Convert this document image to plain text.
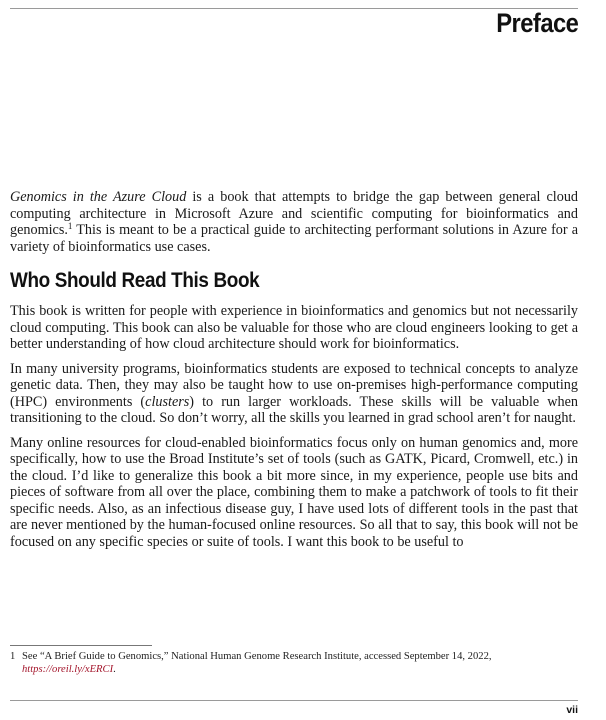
Preface

Genomics in the Azure Cloud is a book that attempts to bridge the gap between general cloud computing architecture in Microsoft Azure and scientific computing for bioinformatics and genomics.$^1$ This is meant to be a practical guide to architecting performant solutions in Azure for a variety of bioinformatics use cases.

Who Should Read This Book

This book is written for people with experience in bioinformatics and genomics but not necessarily cloud computing. This book can also be valuable for those who are cloud engineers looking to get a better understanding of how cloud architecture should work for bioinformatics.

In many university programs, bioinformatics students are exposed to technical concepts to analyze genetic data. Then, they may also be taught how to use on-premises high-performance computing (HPC) environments (clusters) to run larger workloads. These skills will be valuable when transitioning to the cloud. So don’t worry, all the skills you learned in grad school aren’t for naught.

Many online resources for cloud-enabled bioinformatics focus only on human genomics and, more specifically, how to use the Broad Institute’s set of tools (such as GATK, Picard, Cromwell, etc.) in the cloud. I’d like to generalize this book a bit more since, in my experience, people use bits and pieces of software from all over the place, combining them to make a patchwork of tools to fit their specific needs. Also, as an infectious disease guy, I have used lots of different tools in the past that are never mentioned by the human-focused online resources. So all that to say, this book will not be focused on any specific species or suite of tools. I want this book to be useful to

1 See “A Brief Guide to Genomics,” National Human Genome Research Institute, accessed September 14, 2022,
https://oreil.ly/xERCI.
vii
